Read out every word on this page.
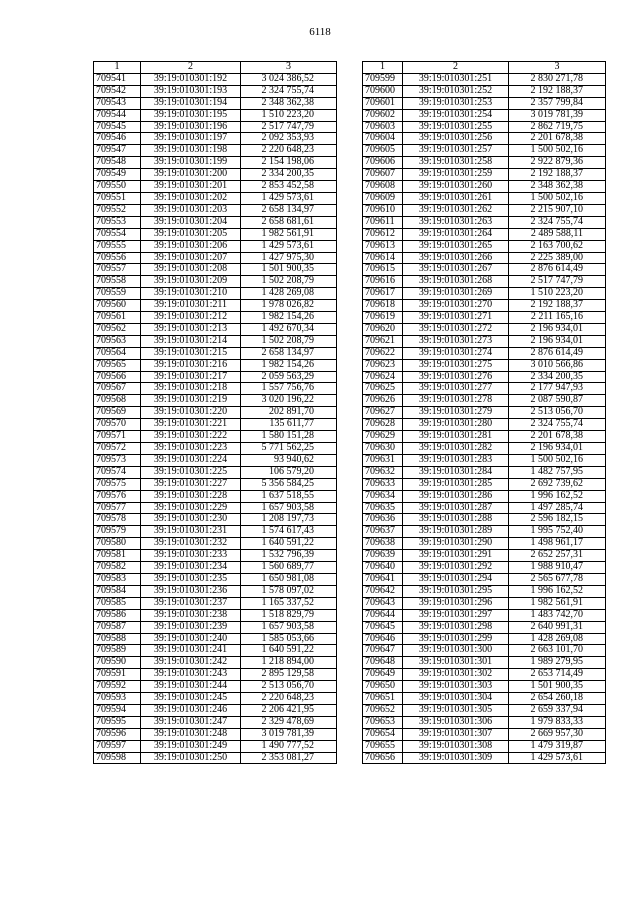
6118
1	2	3
709541	39:19:010301:192	3 024 386,52
709542	39:19:010301:193	2 324 755,74
709543	39:19:010301:194	2 348 362,38
709544	39:19:010301:195	1 510 223,20
709545	39:19:010301:196	2 517 747,79
709546	39:19:010301:197	2 092 353,93
709547	39:19:010301:198	2 220 648,23
709548	39:19:010301:199	2 154 198,06
709549	39:19:010301:200	2 334 200,35
709550	39:19:010301:201	2 853 452,58
709551	39:19:010301:202	1 429 573,61
709552	39:19:010301:203	2 658 134,97
709553	39:19:010301:204	2 658 681,61
709554	39:19:010301:205	1 982 561,91
709555	39:19:010301:206	1 429 573,61
709556	39:19:010301:207	1 427 975,30
709557	39:19:010301:208	1 501 900,35
709558	39:19:010301:209	1 502 208,79
709559	39:19:010301:210	1 428 269,08
709560	39:19:010301:211	1 978 026,82
709561	39:19:010301:212	1 982 154,26
709562	39:19:010301:213	1 492 670,34
709563	39:19:010301:214	1 502 208,79
709564	39:19:010301:215	2 658 134,97
709565	39:19:010301:216	1 982 154,26
709566	39:19:010301:217	2 059 563,29
709567	39:19:010301:218	1 557 756,76
709568	39:19:010301:219	3 020 196,22
709569	39:19:010301:220	202 891,70
709570	39:19:010301:221	135 611,77
709571	39:19:010301:222	1 580 151,28
709572	39:19:010301:223	5 771 562,25
709573	39:19:010301:224	93 940,62
709574	39:19:010301:225	106 579,20
709575	39:19:010301:227	5 356 584,25
709576	39:19:010301:228	1 637 518,55
709577	39:19:010301:229	1 657 903,58
709578	39:19:010301:230	1 208 197,73
709579	39:19:010301:231	1 574 617,43
709580	39:19:010301:232	1 640 591,22
709581	39:19:010301:233	1 532 796,39
709582	39:19:010301:234	1 560 689,77
709583	39:19:010301:235	1 650 981,08
709584	39:19:010301:236	1 578 097,02
709585	39:19:010301:237	1 165 337,52
709586	39:19:010301:238	1 518 829,79
709587	39:19:010301:239	1 657 903,58
709588	39:19:010301:240	1 585 053,66
709589	39:19:010301:241	1 640 591,22
709590	39:19:010301:242	1 218 894,00
709591	39:19:010301:243	2 895 129,58
709592	39:19:010301:244	2 513 056,70
709593	39:19:010301:245	2 220 648,23
709594	39:19:010301:246	2 206 421,95
709595	39:19:010301:247	2 329 478,69
709596	39:19:010301:248	3 019 781,39
709597	39:19:010301:249	1 490 777,52
709598	39:19:010301:250	2 353 081,27
1	2	3
709599	39:19:010301:251	2 830 271,78
709600	39:19:010301:252	2 192 188,37
709601	39:19:010301:253	2 357 799,84
709602	39:19:010301:254	3 019 781,39
709603	39:19:010301:255	2 862 719,75
709604	39:19:010301:256	2 201 678,38
709605	39:19:010301:257	1 500 502,16
709606	39:19:010301:258	2 922 879,36
709607	39:19:010301:259	2 192 188,37
709608	39:19:010301:260	2 348 362,38
709609	39:19:010301:261	1 500 502,16
709610	39:19:010301:262	2 215 907,10
709611	39:19:010301:263	2 324 755,74
709612	39:19:010301:264	2 489 588,11
709613	39:19:010301:265	2 163 700,62
709614	39:19:010301:266	2 225 389,00
709615	39:19:010301:267	2 876 614,49
709616	39:19:010301:268	2 517 747,79
709617	39:19:010301:269	1 510 223,20
709618	39:19:010301:270	2 192 188,37
709619	39:19:010301:271	2 211 165,16
709620	39:19:010301:272	2 196 934,01
709621	39:19:010301:273	2 196 934,01
709622	39:19:010301:274	2 876 614,49
709623	39:19:010301:275	3 010 566,86
709624	39:19:010301:276	2 334 200,35
709625	39:19:010301:277	2 177 947,93
709626	39:19:010301:278	2 087 590,87
709627	39:19:010301:279	2 513 056,70
709628	39:19:010301:280	2 324 755,74
709629	39:19:010301:281	2 201 678,38
709630	39:19:010301:282	2 196 934,01
709631	39:19:010301:283	1 500 502,16
709632	39:19:010301:284	1 482 757,95
709633	39:19:010301:285	2 692 739,62
709634	39:19:010301:286	1 996 162,52
709635	39:19:010301:287	1 497 285,74
709636	39:19:010301:288	2 596 182,15
709637	39:19:010301:289	1 995 752,40
709638	39:19:010301:290	1 498 961,17
709639	39:19:010301:291	2 652 257,31
709640	39:19:010301:292	1 988 910,47
709641	39:19:010301:294	2 565 677,78
709642	39:19:010301:295	1 996 162,52
709643	39:19:010301:296	1 982 561,91
709644	39:19:010301:297	1 483 742,70
709645	39:19:010301:298	2 640 991,31
709646	39:19:010301:299	1 428 269,08
709647	39:19:010301:300	2 663 101,70
709648	39:19:010301:301	1 989 279,95
709649	39:19:010301:302	2 653 714,49
709650	39:19:010301:303	1 501 900,35
709651	39:19:010301:304	2 654 260,18
709652	39:19:010301:305	2 659 337,94
709653	39:19:010301:306	1 979 833,33
709654	39:19:010301:307	2 669 957,30
709655	39:19:010301:308	1 479 319,87
709656	39:19:010301:309	1 429 573,61
